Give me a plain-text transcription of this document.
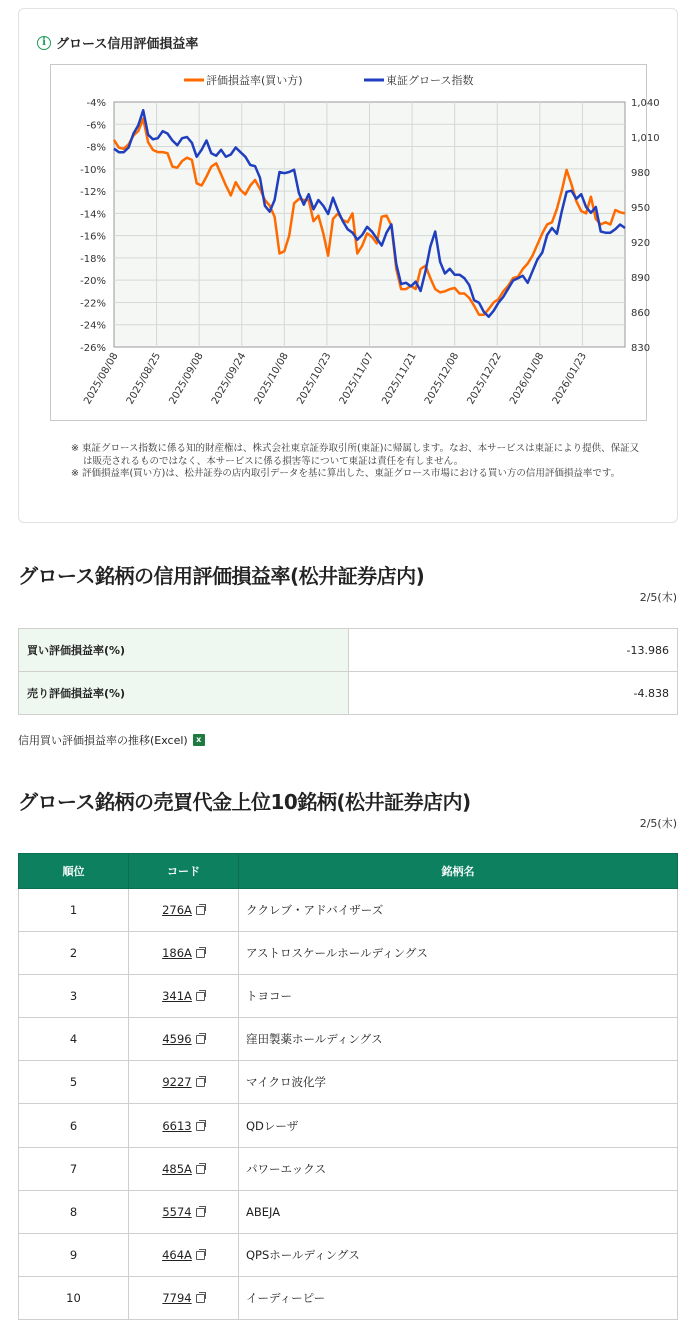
i グロース信用評価損益率
-4%
-6%
-8%
-10%
-12%
-14%
-16%
-18%
-20%
-22%
-24%
-26%
1,040
1,010
980
950
920
890
860
830
2025/08/08 2025/08/25 2025/09/08 2025/09/24 2025/10/08 2025/10/23 2025/11/07 2025/11/21 2025/12/08 2025/12/22 2026/01/08 2026/01/23
評価損益率(買い方)	東証グロース指数

※ 東証グロース指数に係る知的財産権は、株式会社東京証券取引所(東証)に帰属します。なお、本サービスは東証により提供、保証又は販売されるものではなく、本サービスに係る損害等について東証は責任を有しません。

※ 評価損益率(買い方)は、松井証券の店内取引データを基に算出した、東証グロース市場における買い方の信用評価損益率です。

グロース銘柄の信用評価損益率(松井証券店内)
2/5(木)
買い評価損益率(%)	-13.986
売り評価損益率(%)	-4.838
信用買い評価損益率の推移(Excel)	x
グロース銘柄の売買代金上位10銘柄(松井証券店内)
2/5(木)
順位	コード	銘柄名
1	276A	ククレブ・アドバイザーズ
2	186A	アストロスケールホールディングス
3	341A	トヨコー
4	4596	窪田製薬ホールディングス
5	9227	マイクロ波化学
6	6613	QDレーザ
7	485A	パワーエックス
8	5574	ABEJA
9	464A	QPSホールディングス
10	7794	イーディーピー
